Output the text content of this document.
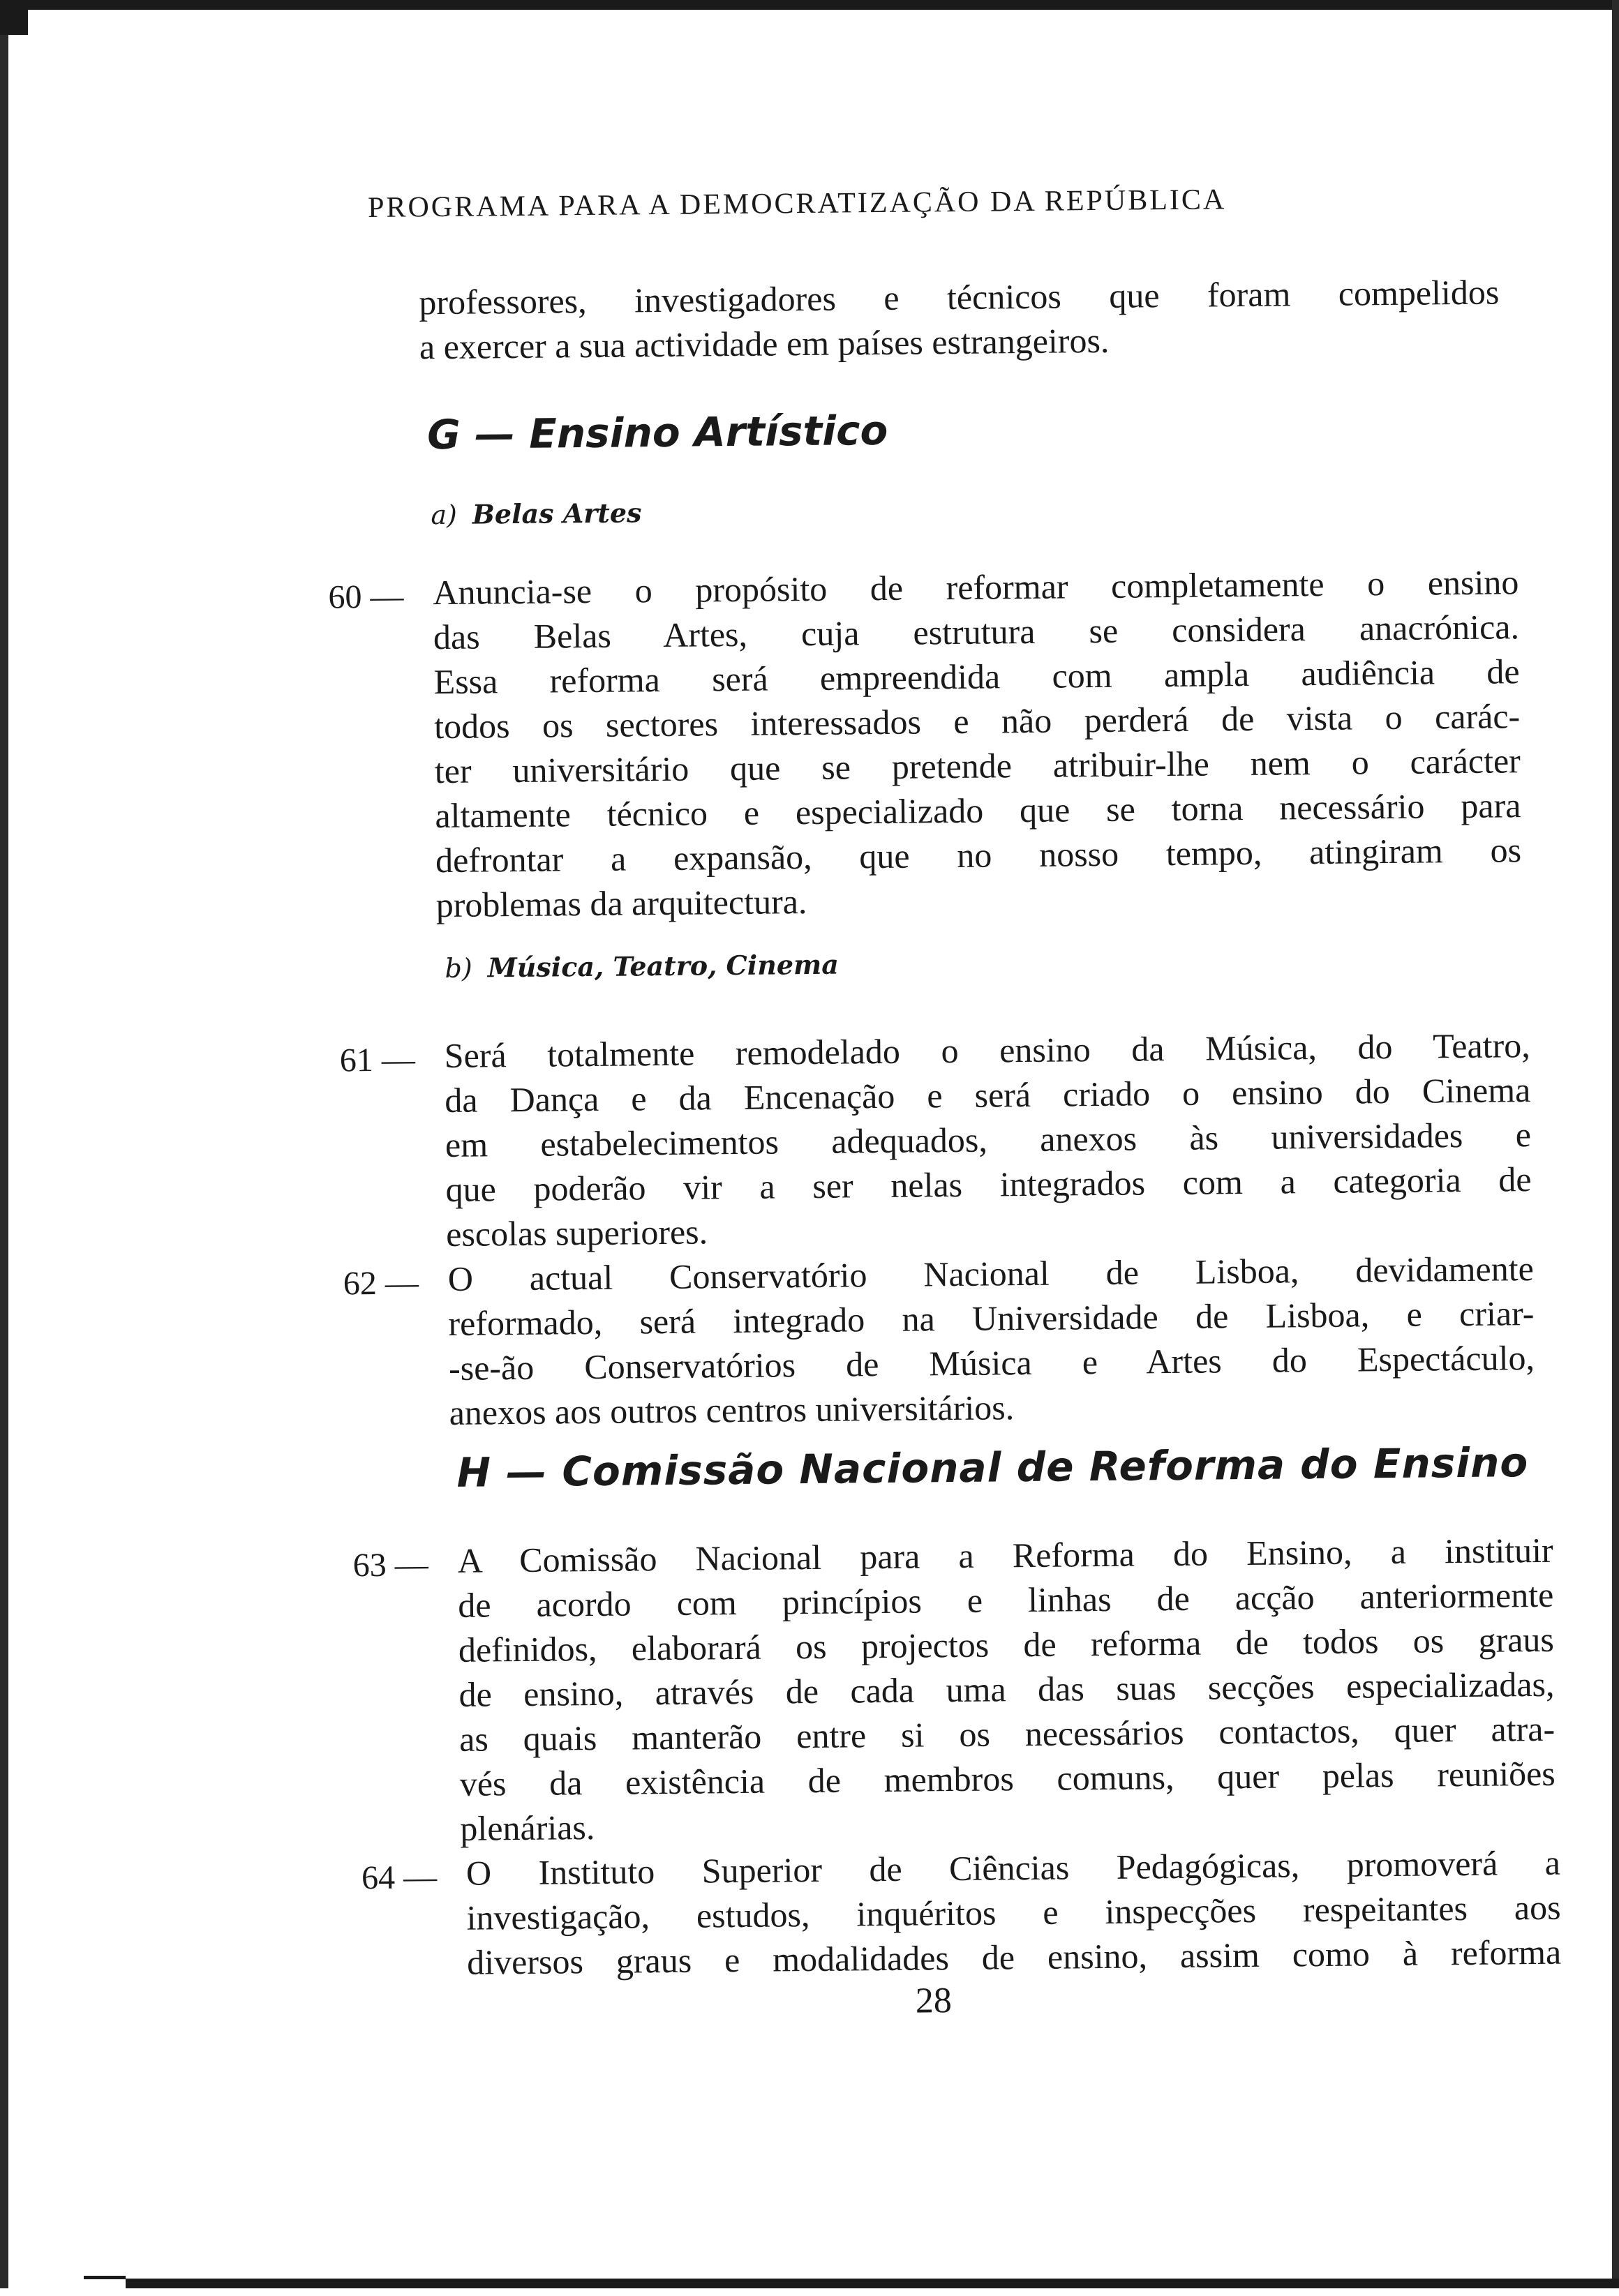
PROGRAMA PARA A DEMOCRATIZAÇÃO DA REPÚBLICA
professores, investigadores e técnicos que foram compelidos
a exercer a sua actividade em países estrangeiros.
G — Ensino Artístico
a) Belas Artes
60 — Anuncia-se o propósito de reformar completamente o ensino
das Belas Artes, cuja estrutura se considera anacrónica.
Essa reforma será empreendida com ampla audiência de
todos os sectores interessados e não perderá de vista o carác-
ter universitário que se pretende atribuir-lhe nem o carácter
altamente técnico e especializado que se torna necessário para
defrontar a expansão, que no nosso tempo, atingiram os
problemas da arquitectura.
b) Música, Teatro, Cinema
61 — Será totalmente remodelado o ensino da Música, do Teatro,
da Dança e da Encenação e será criado o ensino do Cinema
em estabelecimentos adequados, anexos às universidades e
que poderão vir a ser nelas integrados com a categoria de
escolas superiores.
62 — O actual Conservatório Nacional de Lisboa, devidamente
reformado, será integrado na Universidade de Lisboa, e criar-
-se-ão Conservatórios de Música e Artes do Espectáculo,
anexos aos outros centros universitários.
H — Comissão Nacional de Reforma do Ensino
63 — A Comissão Nacional para a Reforma do Ensino, a instituir
de acordo com princípios e linhas de acção anteriormente
definidos, elaborará os projectos de reforma de todos os graus
de ensino, através de cada uma das suas secções especializadas,
as quais manterão entre si os necessários contactos, quer atra-
vés da existência de membros comuns, quer pelas reuniões
plenárias.
64 — O Instituto Superior de Ciências Pedagógicas, promoverá a
investigação, estudos, inquéritos e inspecções respeitantes aos
diversos graus e modalidades de ensino, assim como à reforma
28
